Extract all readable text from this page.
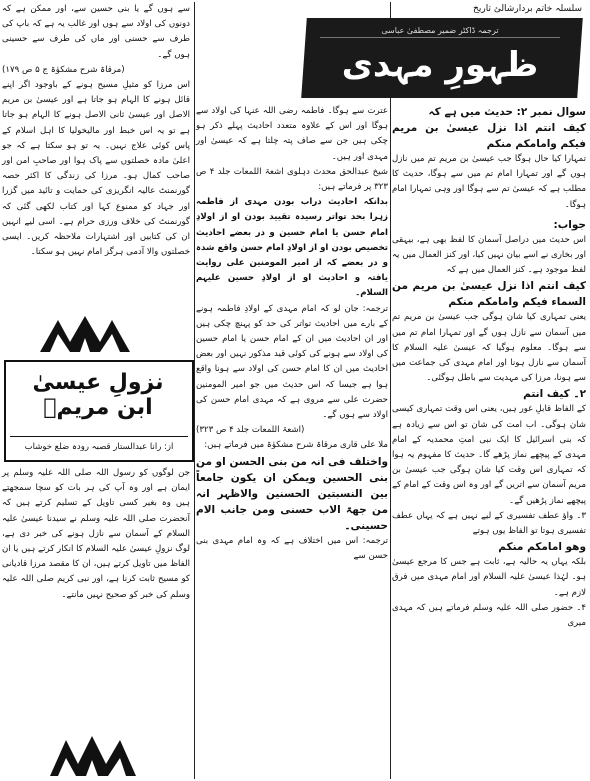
سے ہوں گے یا بنی حسین سے، اور ممکن ہے کہ دونوں کی اولاد سے ہوں اور غالب یہ ہے کہ باپ کی طرف سے حسنی اور ماں کی طرف سے حسینی ہوں گے۔

(مرقاۃ شرح مشکوٰۃ ج ۵ ص ۱۷۹)

اس مرزا کو مثیلِ مسیح ہونے کے باوجود اگر اپنے قائل ہونے کا الہام ہو جاتا ہے اور عیسیٰ بن مریم الاصل اور عیسیٰ ثانی الاصل ہونے کا الہام ہو جاتا ہے تو یہ اس خبط اور مالیخولیا کا اہل اسلام کے پاس کوئی علاج نہیں۔ یہ تو ہو سکتا ہے کہ جو اعلیٰ مادہ خصلتوں سے پاک ہوا اور صاحبِ امن اور صاحب کمال ہو۔ مرزا کی زندگی کا اکثر حصہ گورنمنٹ عالیہ انگریزی کی حمایت و تائید میں گزرا اور جہاد کو ممنوع کہا اور کتاب لکھی گئی کہ گورنمنٹ کی خلاف ورزی حرام ہے۔ اسی لیے انہیں ان کی کتابیں اور اشتہارات ملاحظہ کریں۔ ایسی خصلتوں والا آدمی ہرگز امام نہیں ہو سکتا۔

نزولِ عیسیٰ ابن مریمؑ
از: رانا عبدالستار قصبہ رودہ ضلع خوشاب

جن لوگوں کو رسول اللہ صلی اللہ علیہ وسلم پر ایمان ہے اور وہ آپ کی ہر بات کو سچا سمجھتے ہیں وہ بغیر کسی تاویل کے تسلیم کرتے ہیں کہ آنحضرت صلی اللہ علیہ وسلم نے سیدنا عیسیٰ علیہ السلام کے آسمان سے نازل ہونے کی خبر دی ہے، لوگ نزولِ عیسیٰ علیہ السلام کا انکار کرتے ہیں یا ان الفاظ میں تاویل کرتے ہیں، ان کا مقصد مرزا قادیانی کو مسیح ثابت کرنا ہے، اور نبی کریم صلی اللہ علیہ وسلم کی خبر کو صحیح نہیں مانتے۔

سلسلہ خاتم بردارشالئ تاریخ
ترجمہ ڈاکٹر ضمیر مصطفیٰ عباسی
ظہورِ مہدی

عترت سے ہوگا۔ فاطمہ رضی اللہ عنہا کی اولاد سے ہوگا اور اس کے علاوہ متعدد احادیث پہلے ذکر ہو چکی ہیں جن سے صاف پتہ چلتا ہے کہ عیسیٰ اور مہدی اور ہیں۔

شیخ عبدالحق محدث دہلوی اشعۃ اللمعات جلد ۴ ص ۳۲۳ پر فرماتے ہیں:

بدانکہ احادیث دراب بودن مہدی از فاطمہ زہرا بحد تواتر رسیدہ تقیید بودن او از اولادِ امام حسن یا امام حسین و در بعضے احادیث تخصیص بودن او از اولادِ امام حسن واقع شدہ و در بعضے کہ از امیر المومنین علی روایت یافتہ و احادیث او از اولادِ حسین علیہم السلام۔

ترجمہ: جان لو کہ امام مہدی کے اولادِ فاطمہ ہونے کے بارے میں احادیث تواتر کی حد کو پہنچ چکی ہیں اور ان احادیث میں ان کے امام حسن یا امام حسین کی اولاد سے ہونے کی کوئی قید مذکور نہیں اور بعض احادیث میں ان کا امام حسن کی اولاد سے ہونا واقع ہوا ہے جیسا کہ اس حدیث میں جو امیر المومنین حضرت علی سے مروی ہے کہ مہدی امام حسن کی اولاد سے ہوں گے۔

(اشعۃ اللمعات جلد ۴ ص ۳۲۳)

ملا علی قاری مرقاۃ شرح مشکوٰۃ میں فرماتے ہیں:

واختلف فی انہ من بنی الحسن او من بنی الحسین ویمکن ان یکون جامعاً بین النسبتین الحسنین والاظہر انہ من جھۃ الاب حسنی ومن جانب الام حسینی۔

ترجمہ: اس میں اختلاف ہے کہ وہ امام مہدی بنی حسن سے

سوال نمبر ۲: حدیث میں ہے کہ

کیف انتم اذا نزل عیسیٰ بن مریم فیکم وامامکم منکم

تمہارا کیا حال ہوگا جب عیسیٰ بن مریم تم میں نازل ہوں گے اور تمہارا امام تم میں سے ہوگا، حدیث کا مطلب ہے کہ عیسیٰ تم سے ہوگا اور وہی تمہارا امام ہوگا۔

جواب:

اس حدیث میں دراصل آسمان کا لفظ بھی ہے، بیہقی اور بخاری نے اسے بیان نہیں کیا، اور کنز العمال میں یہ لفظ موجود ہے۔ کنز العمال میں ہے کہ

کیف انتم اذا نزل عیسیٰ بن مریم من السماء فیکم وامامکم منکم

یعنی تمہاری کیا شان ہوگی جب عیسیٰ بن مریم تم میں آسمان سے نازل ہوں گے اور تمہارا امام تم میں سے ہوگا۔ معلوم ہوگیا کہ عیسیٰ علیہ السلام کا آسمان سے نازل ہونا اور امام مہدی کی جماعت میں سے ہونا، مرزا کی مہدیت سے باطل ہوگئی۔

۲۔ کیف انتم

کے الفاظ قابلِ غور ہیں، یعنی اس وقت تمہاری کیسی شان ہوگی۔ اب امت کی شان تو اس سے زیادہ ہے کہ بنی اسرائیل کا ایک نبی امتِ محمدیہ کے امام مہدی کے پیچھے نماز پڑھے گا۔ حدیث کا مفہوم یہ ہوا کہ تمہاری اس وقت کیا شان ہوگی جب عیسیٰ بن مریم آسمان سے اتریں گے اور وہ اس وقت کے امام کے پیچھے نماز پڑھیں گے۔

۳۔ واؤ عطف تفسیری کے لیے نہیں ہے کہ یہاں عطف تفسیری ہوتا تو الفاظ یوں ہوتے

وھو امامکم منکم

بلکہ یہاں یہ حالیہ ہے، ثابت ہے جس کا مرجع عیسیٰ ہو۔ لہٰذا عیسیٰ علیہ السلام اور امام مہدی میں فرق لازم ہے۔

۴۔ حضور صلی اللہ علیہ وسلم فرماتے ہیں کہ مہدی میری
